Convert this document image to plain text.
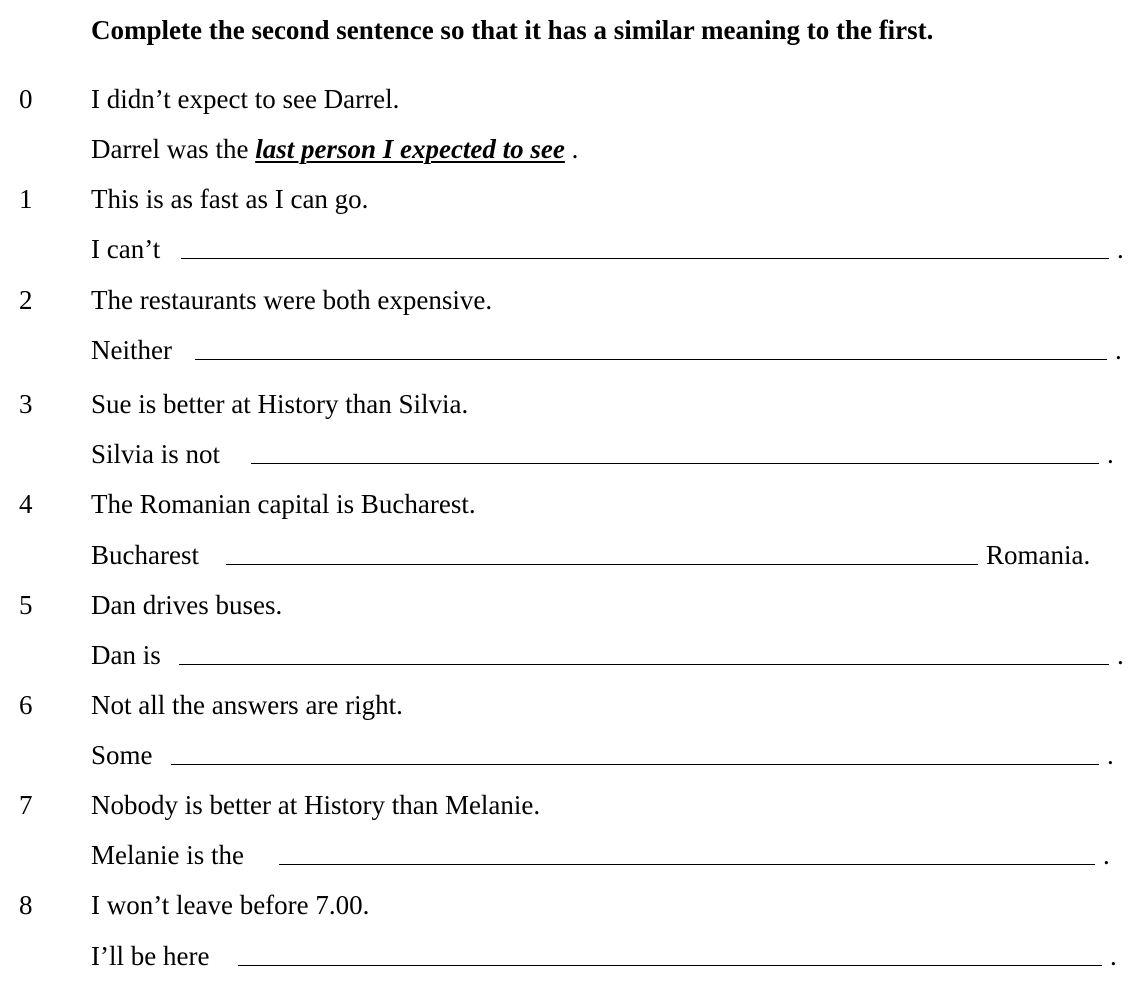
Complete the second sentence so that it has a similar meaning to the first.
0 I didn’t expect to see Darrel.
Darrel was the last person I expected to see .
1 This is as fast as I can go.
I can’t	.
2 The restaurants were both expensive.
Neither	.
3 Sue is better at History than Silvia.
Silvia is not	.
4 The Romanian capital is Bucharest.
Bucharest	Romania.
5 Dan drives buses.
Dan is	.
6 Not all the answers are right.
Some	.
7 Nobody is better at History than Melanie.
Melanie is the	.
8 I won’t leave before 7.00.
I’ll be here	.
